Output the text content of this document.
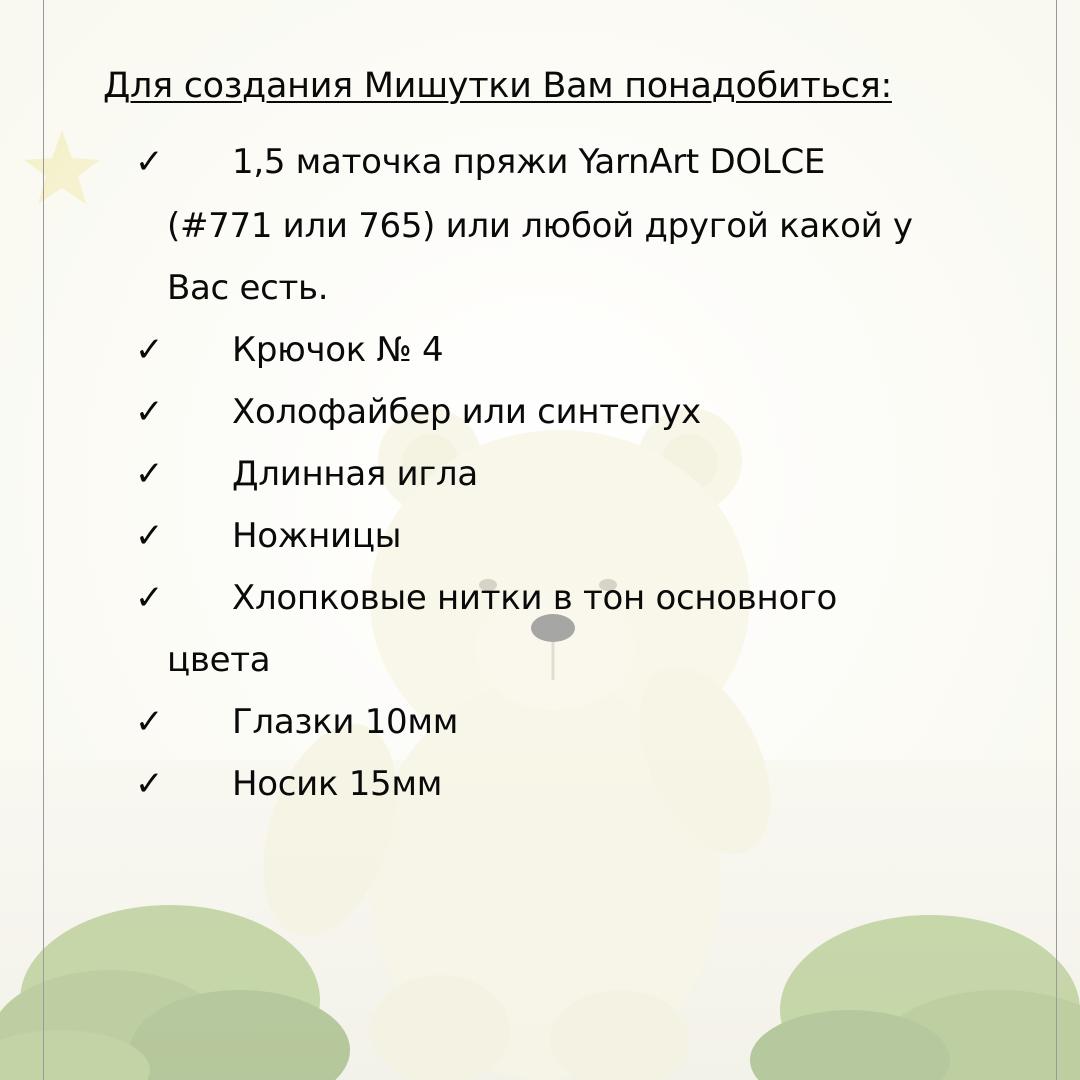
Для создания Мишутки Вам понадобиться:
✓ 1,5 маточка пряжи YarnArt DOLCE
(#771 или 765) или любой другой какой у
Вас есть.
✓ Крючок № 4
✓ Холофайбер или синтепух
✓ Длинная игла
✓ Ножницы
✓ Хлопковые нитки в тон основного
цвета
✓ Глазки 10мм
✓ Носик 15мм
